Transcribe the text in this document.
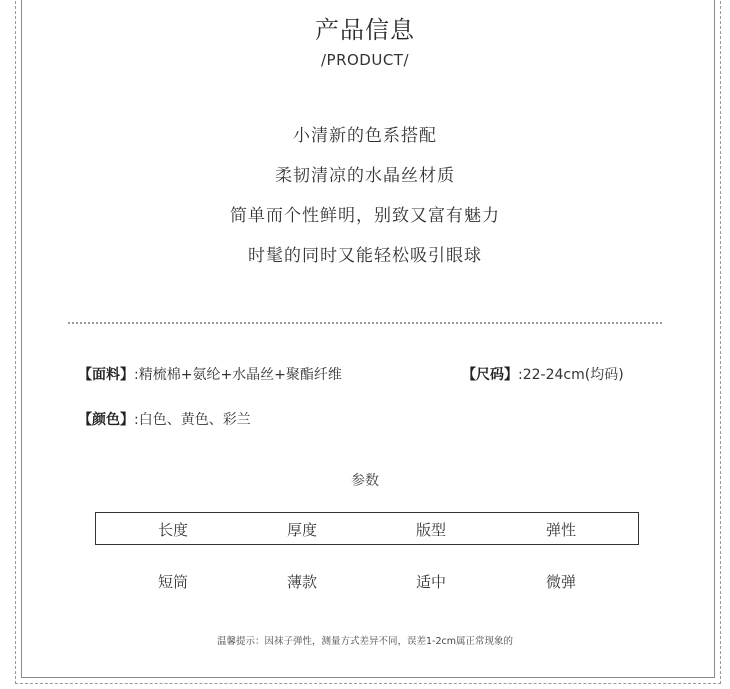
产品信息
/PRODUCT/
小清新的色系搭配
柔韧清凉的水晶丝材质
简单而个性鲜明，别致又富有魅力
时髦的同时又能轻松吸引眼球
【面料】:精梳棉+氨纶+水晶丝+聚酯纤维	【尺码】:22-24cm(均码)
【颜色】:白色、黄色、彩兰
参数
长度	厚度	版型	弹性
短筒	薄款	适中	微弹
温馨提示：因袜子弹性，测量方式差异不同，误差1-2cm属正常现象的
